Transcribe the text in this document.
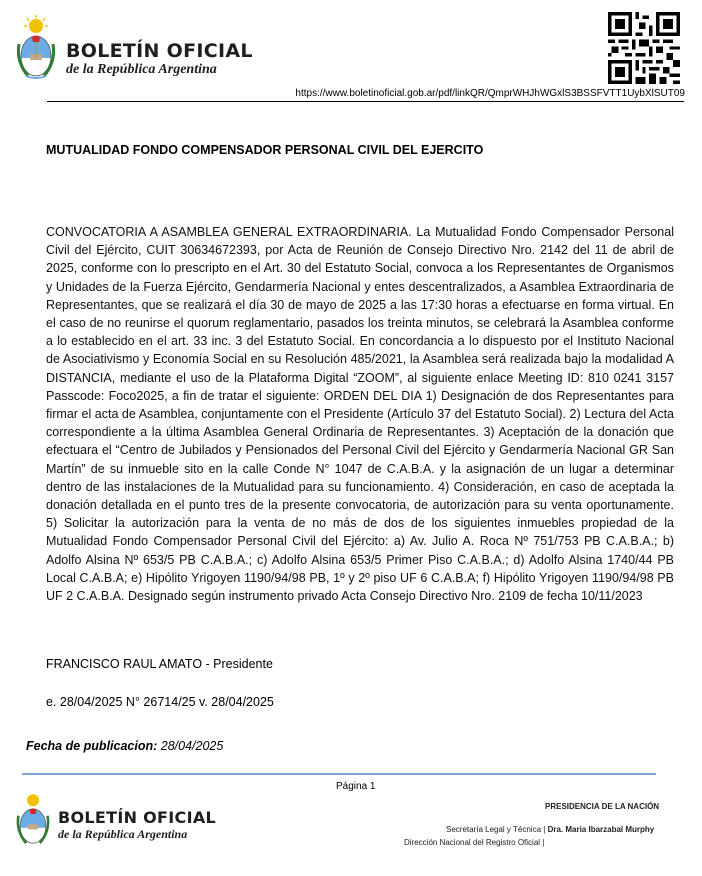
BOLETÍN OFICIAL
de la República Argentina
https://www.boletinoficial.gob.ar/pdf/linkQR/QmprWHJhWGxlS3BSSFVTT1UybXlSUT09
MUTUALIDAD FONDO COMPENSADOR PERSONAL CIVIL DEL EJERCITO

CONVOCATORIA A ASAMBLEA GENERAL EXTRAORDINARIA. La Mutualidad Fondo Compensador Personal Civil del Ejército, CUIT 30634672393, por Acta de Reunión de Consejo Directivo Nro. 2142 del 11 de abril de 2025, conforme con lo prescripto en el Art. 30 del Estatuto Social, convoca a los Representantes de Organismos y Unidades de la Fuerza Ejército, Gendarmería Nacional y entes descentralizados, a Asamblea Extraordinaria de Representantes, que se realizará el día 30 de mayo de 2025 a las 17:30 horas a efectuarse en forma virtual. En el caso de no reunirse el quorum reglamentario, pasados los treinta minutos, se celebrará la Asamblea conforme a lo establecido en el art. 33 inc. 3 del Estatuto Social. En concordancia a lo dispuesto por el Instituto Nacional de Asociativismo y Economía Social en su Resolución 485/2021, la Asamblea será realizada bajo la modalidad A DISTANCIA, mediante el uso de la Plataforma Digital “ZOOM”, al siguiente enlace Meeting ID: 810 0241 3157 Passcode: Foco2025, a fin de tratar el siguiente: ORDEN DEL DIA 1) Designación de dos Representantes para firmar el acta de Asamblea, conjuntamente con el Presidente (Artículo 37 del Estatuto Social). 2) Lectura del Acta correspondiente a la última Asamblea General Ordinaria de Representantes. 3) Aceptación de la donación que efectuara el “Centro de Jubilados y Pensionados del Personal Civil del Ejército y Gendarmería Nacional GR San Martín” de su inmueble sito en la calle Conde N° 1047 de C.A.B.A. y la asignación de un lugar a determinar dentro de las instalaciones de la Mutualidad para su funcionamiento. 4) Consideración, en caso de aceptada la donación detallada en el punto tres de la presente convocatoria, de autorización para su venta oportunamente. 5) Solicitar la autorización para la venta de no más de dos de los siguientes inmuebles propiedad de la Mutualidad Fondo Compensador Personal Civil del Ejército: a) Av. Julio A. Roca Nº 751/753 PB C.A.B.A.; b) Adolfo Alsina Nº 653/5 PB C.A.B.A.; c) Adolfo Alsina 653/5 Primer Piso C.A.B.A.; d) Adolfo Alsina 1740/44 PB Local C.A.B.A; e) Hipólito Yrigoyen 1190/94/98 PB, 1º y 2º piso UF 6 C.A.B.A; f) Hipólito Yrigoyen 1190/94/98 PB UF 2 C.A.B.A. Designado según instrumento privado Acta Consejo Directivo Nro. 2109 de fecha 10/11/2023

FRANCISCO RAUL AMATO - Presidente
e. 28/04/2025 N° 26714/25 v. 28/04/2025
Fecha de publicacion: 28/04/2025
Página 1
BOLETÍN OFICIAL
de la República Argentina
PRESIDENCIA DE LA NACIÓN
Secretaría Legal y Técnica | Dra. Maria Ibarzabal Murphy
Dirección Nacional del Registro Oficial |
